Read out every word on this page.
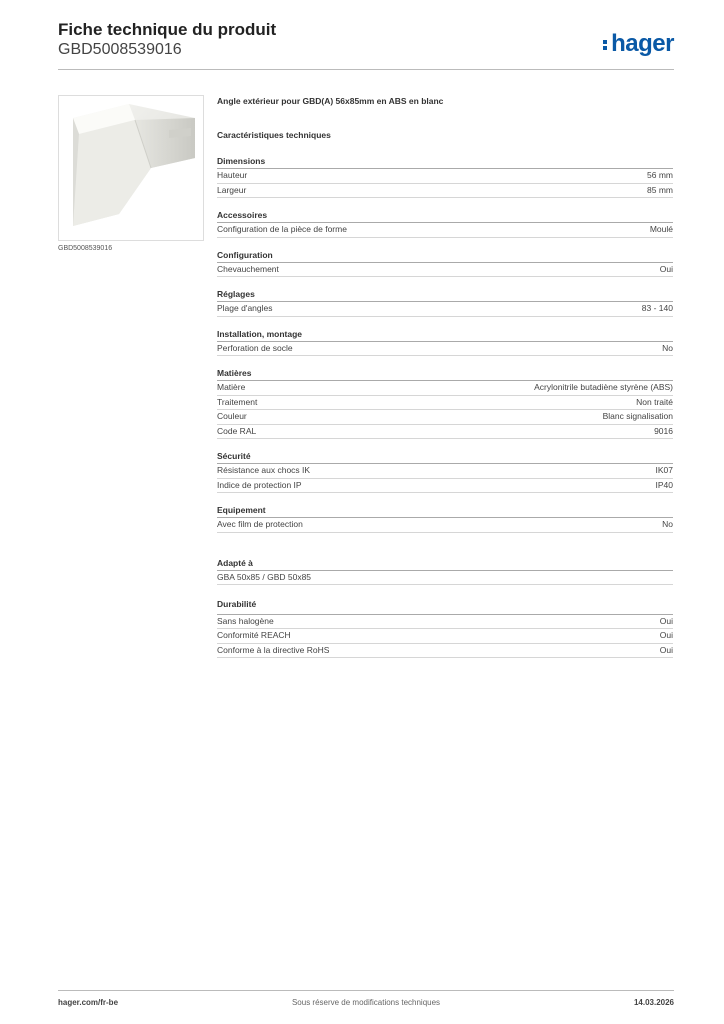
Fiche technique du produit
GBD5008539016	hager
GBD5008539016
Angle extérieur pour GBD(A) 56x85mm en ABS en blanc
Caractéristiques techniques
Dimensions
Hauteur	56 mm
Largeur	85 mm
Accessoires
Configuration de la pièce de forme	Moulé
Configuration
Chevauchement	Oui
Réglages
Plage d'angles	83 - 140
Installation, montage
Perforation de socle	No
Matières
Matière	Acrylonitrile butadiène styrène (ABS)
Traitement	Non traité
Couleur	Blanc signalisation
Code RAL	9016
Sécurité
Résistance aux chocs IK	IK07
Indice de protection IP	IP40
Equipement
Avec film de protection	No
Adapté à
GBA 50x85 / GBD 50x85
Durabilité
Sans halogène	Oui
Conformité REACH	Oui
Conforme à la directive RoHS	Oui
hager.com/fr-be	Sous réserve de modifications techniques	14.03.2026
